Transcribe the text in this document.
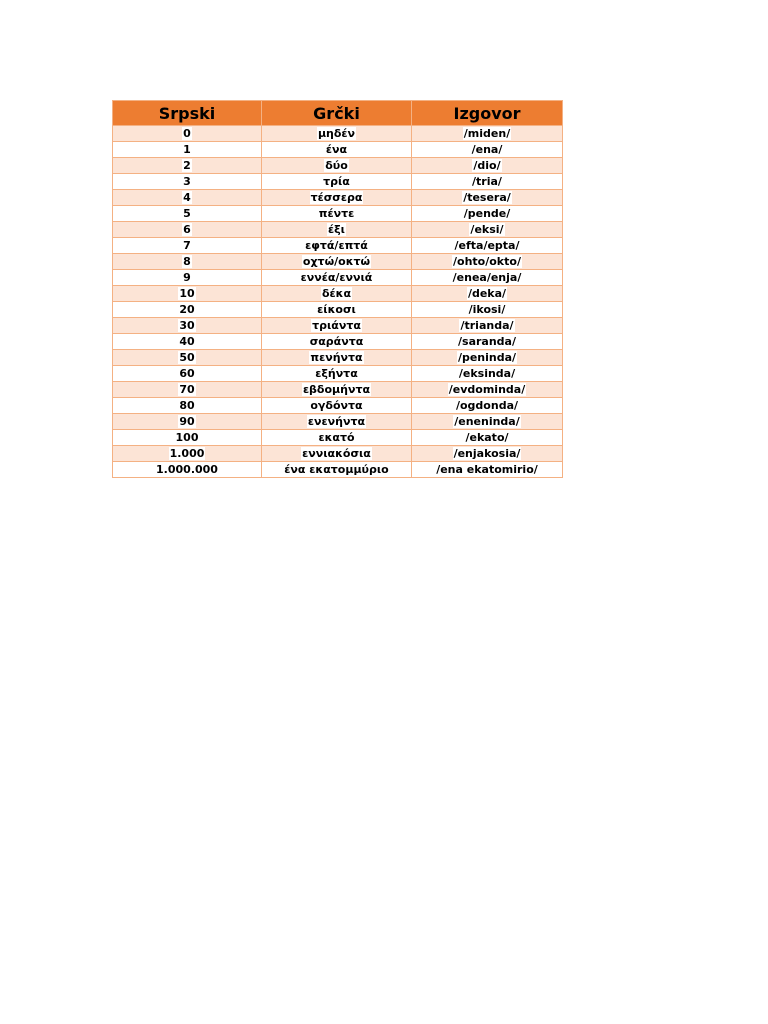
Srpski	Grčki	Izgovor
0	μηδέν	/miden/
1	ένα	/ena/
2	δύο	/dio/
3	τρία	/tria/
4	τέσσερα	/tesera/
5	πέντε	/pende/
6	έξι	/eksi/
7	εφτά/επτά	/efta/epta/
8	οχτώ/οκτώ	/ohto/okto/
9	εννέα/εννιά	/enea/enja/
10	δέκα	/deka/
20	είκοσι	/ikosi/
30	τριάντα	/trianda/
40	σαράντα	/saranda/
50	πενήντα	/peninda/
60	εξήντα	/eksinda/
70	εβδομήντα	/evdominda/
80	ογδόντα	/ogdonda/
90	ενενήντα	/eneninda/
100	εκατό	/ekato/
1.000	εννιακόσια	/enjakosia/
1.000.000	ένα εκατομμύριο	/ena ekatomirio/
